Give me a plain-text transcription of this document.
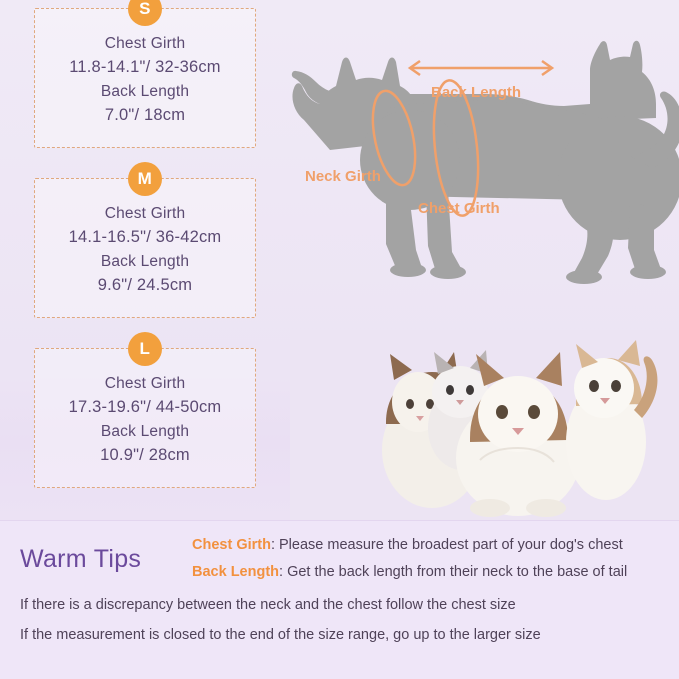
S
Chest Girth
11.8-14.1"/ 32-36cm
Back Length
7.0"/ 18cm
M
Chest Girth
14.1-16.5"/ 36-42cm
Back Length
9.6"/ 24.5cm
L
Chest Girth
17.3-19.6"/ 44-50cm
Back Length
10.9"/ 28cm
Back Length
Neck Girth
Chest Girth
Warm Tips	Chest Girth: Please measure the broadest part of your dog's chest
Back Length: Get the back length from their neck to the base of tail
If there is a discrepancy between the neck and the chest follow the chest size
If the measurement is closed to the end of the size range, go up to the larger size
